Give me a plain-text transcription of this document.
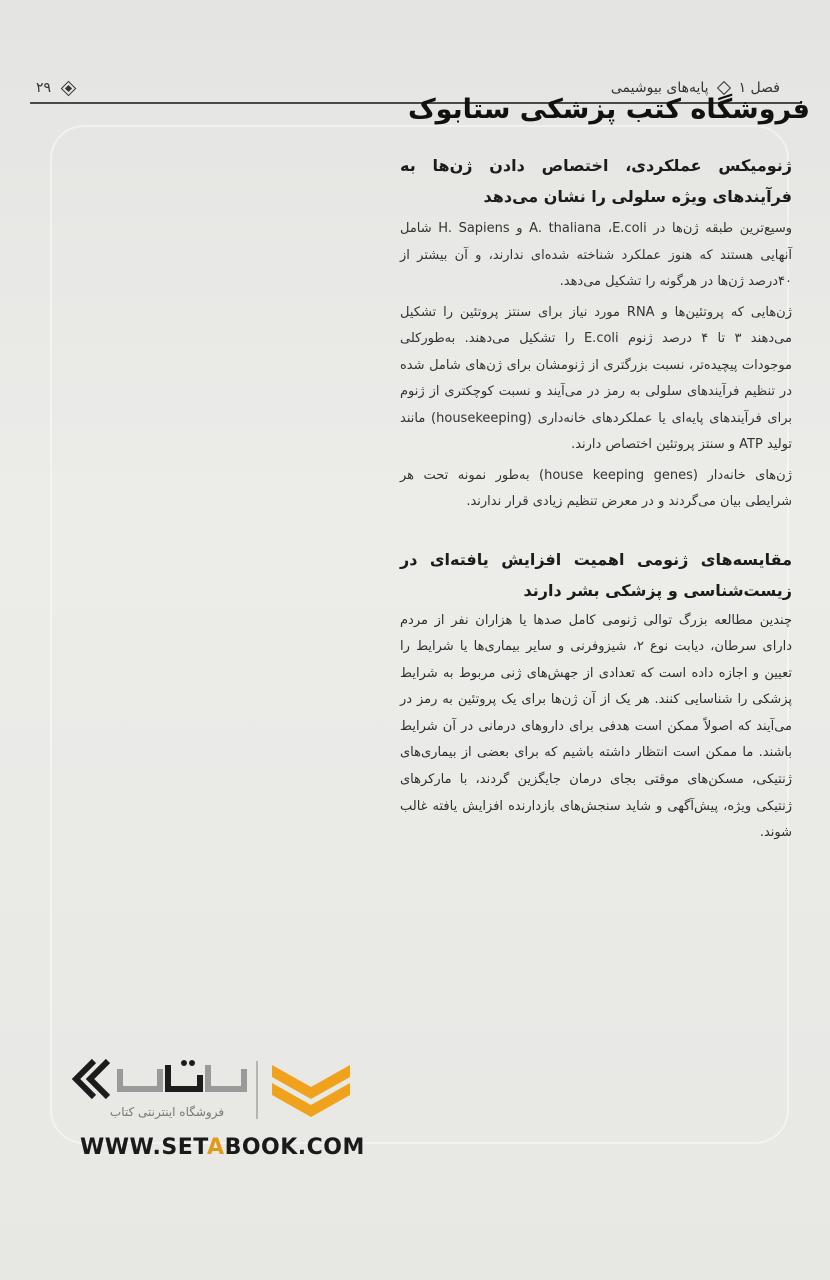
فصل ۱
پایه‌های بیوشیمی
۲۹
فروشگاه کتب پزشکی ستابوک
ژنومیکس عملکردی، اختصاص دادن ژن‌ها به فرآیندهای ویژه سلولی را نشان می‌دهد

وسیع‌ترین طبقه ژن‌ها در A. thaliana ،E.coli و H. Sapiens شامل آنهایی هستند که هنوز عملکرد شناخته شده‌ای ندارند، و آن بیشتر از ۴۰درصد ژن‌ها در هرگونه را تشکیل می‌دهد.

ژن‌هایی که پروتئین‌ها و RNA مورد نیاز برای سنتز پروتئین را تشکیل می‌دهند ۳ تا ۴ درصد ژنوم E.coli را تشکیل می‌دهند. به‌طورکلی موجودات پیچیده‌تر، نسبت بزرگتری از ژنومشان برای ژن‌های شامل شده در تنظیم فرآیندهای سلولی به رمز در می‌آیند و نسبت کوچکتری از ژنوم برای فرآیندهای پایه‌ای یا عملکردهای خانه‌داری (housekeeping) مانند تولید ATP و سنتز پروتئین اختصاص دارند.

ژن‌های خانه‌دار (house keeping genes) به‌طور نمونه تحت هر شرایطی بیان می‌گردند و در معرض تنظیم زیادی قرار ندارند.

مقایسه‌های ژنومی اهمیت افزایش یافته‌ای در زیست‌شناسی و پزشکی بشر دارند

چندین مطالعه بزرگ توالی ژنومی کامل صدها یا هزاران نفر از مردم دارای سرطان، دیابت نوع ۲، شیزوفرنی و سایر بیماری‌ها یا شرایط را تعیین و اجازه داده است که تعدادی از جهش‌های ژنی مربوط به شرایط پزشکی را شناسایی کنند. هر یک از آن ژن‌ها برای یک پروتئین به رمز در می‌آیند که اصولاً ممکن است هدفی برای داروهای درمانی در آن شرایط باشند. ما ممکن است انتظار داشته باشیم که برای بعضی از بیماری‌های ژنتیکی، مسکن‌های موقتی بجای درمان جایگزین گردند، با مارکرهای ژنتیکی ویژه، پیش‌آگهی و شاید سنجش‌های بازدارنده افزایش یافته غالب شوند.

فروشگاه اینترنتی کتاب
WWW.SETABOOK.COM
